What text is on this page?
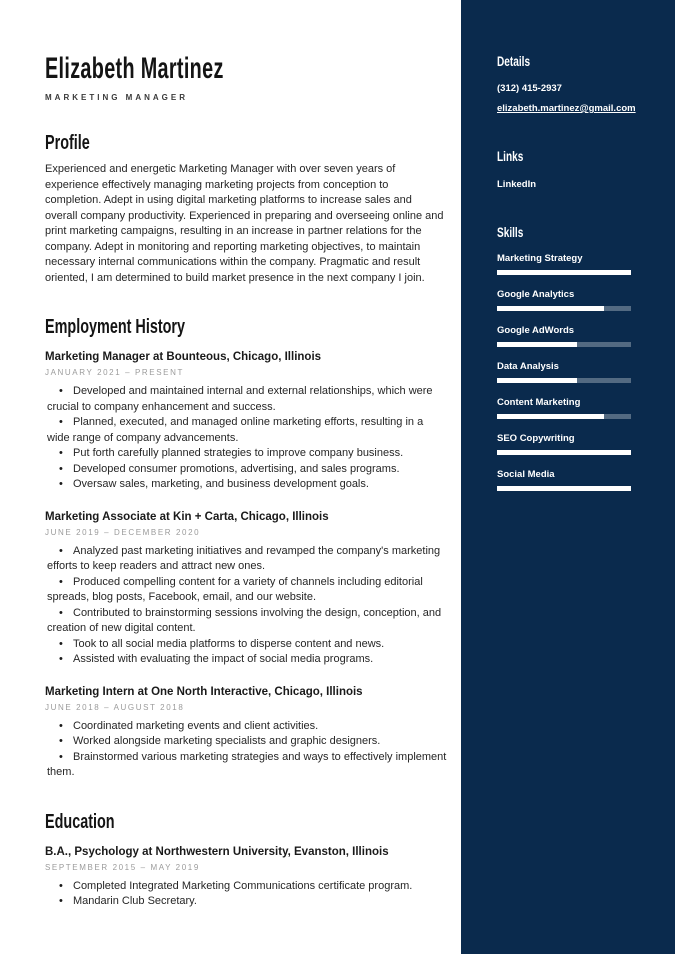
Elizabeth Martinez
MARKETING MANAGER
Profile

Experienced and energetic Marketing Manager with over seven years of experience effectively managing marketing projects from conception to completion. Adept in using digital marketing platforms to increase sales and overall company productivity. Experienced in preparing and overseeing online and print marketing campaigns, resulting in an increase in partner relations for the company. Adept in monitoring and reporting marketing objectives, to maintain necessary internal communications within the company. Pragmatic and result oriented, I am determined to build market presence in the next company I join.

Employment History
Marketing Manager at Bounteous, Chicago, Illinois
JANUARY 2021 – PRESENT
• Developed and maintained internal and external relationships, which were crucial to company enhancement and success.
• Planned, executed, and managed online marketing efforts, resulting in a wide range of company advancements.
• Put forth carefully planned strategies to improve company business.
• Developed consumer promotions, advertising, and sales programs.
• Oversaw sales, marketing, and business development goals.
Marketing Associate at Kin + Carta, Chicago, Illinois
JUNE 2019 – DECEMBER 2020
• Analyzed past marketing initiatives and revamped the company's marketing efforts to keep readers and attract new ones.
• Produced compelling content for a variety of channels including editorial spreads, blog posts, Facebook, email, and our website.
• Contributed to brainstorming sessions involving the design, conception, and creation of new digital content.
• Took to all social media platforms to disperse content and news.
• Assisted with evaluating the impact of social media programs.
Marketing Intern at One North Interactive, Chicago, Illinois
JUNE 2018 – AUGUST 2018
• Coordinated marketing events and client activities.
• Worked alongside marketing specialists and graphic designers.
• Brainstormed various marketing strategies and ways to effectively implement them.
Education
B.A., Psychology at Northwestern University, Evanston, Illinois
SEPTEMBER 2015 – MAY 2019
• Completed Integrated Marketing Communications certificate program.
• Mandarin Club Secretary.
Details
(312) 415-2937
elizabeth.martinez@gmail.com
Links
LinkedIn
Skills
Marketing Strategy
Google Analytics
Google AdWords
Data Analysis
Content Marketing
SEO Copywriting
Social Media
